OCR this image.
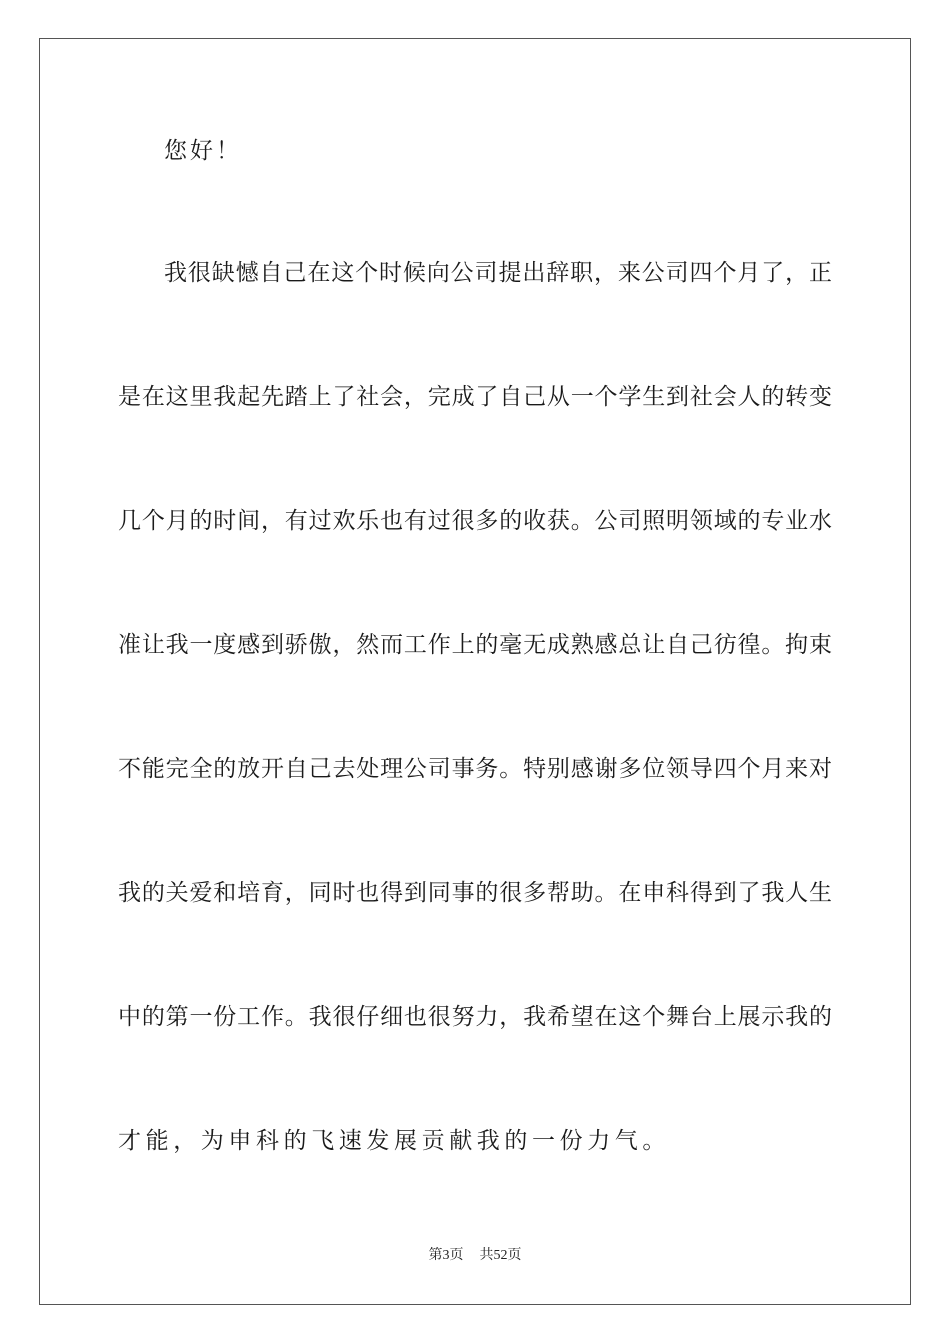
您好！
我很缺憾自己在这个时候向公司提出辞职，来公司四个月了，正
是在这里我起先踏上了社会，完成了自己从一个学生到社会人的转变
几个月的时间，有过欢乐也有过很多的收获。公司照明领域的专业水
准让我一度感到骄傲，然而工作上的毫无成熟感总让自己彷徨。拘束
不能完全的放开自己去处理公司事务。特别感谢多位领导四个月来对
我的关爱和培育，同时也得到同事的很多帮助。在申科得到了我人生
中的第一份工作。我很仔细也很努力，我希望在这个舞台上展示我的
才能，为申科的飞速发展贡献我的一份力气。
第3页 共52页
